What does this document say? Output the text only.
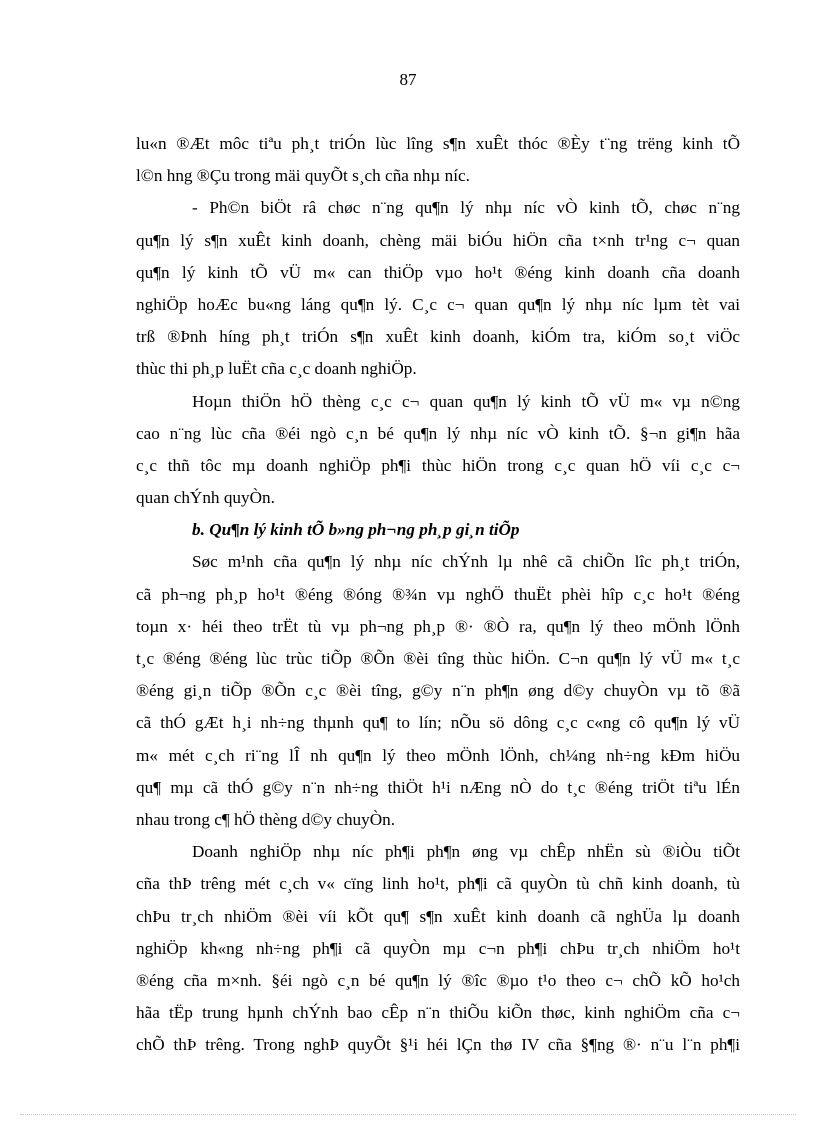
87
lu«n ®Æt môc tiªu ph¸t triÓn lùc lîng s¶n xuÊt thóc ®Èy t¨ng trëng kinh tÕ
l©n hng ®Çu trong mäi quyÕt s¸ch cña nhµ níc.
- Ph©n biÖt râ chøc n¨ng qu¶n lý nhµ níc vÒ kinh tÕ, chøc n¨ng
qu¶n lý s¶n xuÊt kinh doanh, chèng mäi biÓu hiÖn cña t×nh tr¹ng c¬ quan
qu¶n lý kinh tÕ vÜ m« can thiÖp vµo ho¹t ®éng kinh doanh cña doanh
nghiÖp hoÆc bu«ng láng qu¶n lý. C¸c c¬ quan qu¶n lý nhµ níc lµm tèt vai
trß ®Þnh híng ph¸t triÓn s¶n xuÊt kinh doanh, kiÓm tra, kiÓm so¸t viÖc
thùc thi ph¸p luËt cña c¸c doanh nghiÖp.
Hoµn thiÖn hÖ thèng c¸c c¬ quan qu¶n lý kinh tÕ vÜ m« vµ n©ng
cao n¨ng lùc cña ®éi ngò c¸n bé qu¶n lý nhµ níc vÒ kinh tÕ. §¬n gi¶n hãa
c¸c thñ tôc mµ doanh nghiÖp ph¶i thùc hiÖn trong c¸c quan hÖ víi c¸c c¬
quan chÝnh quyÒn.
b. Qu¶n lý kinh tÕ b»ng ph¬ng ph¸p gi¸n tiÕp
Søc m¹nh cña qu¶n lý nhµ níc chÝnh lµ nhê cã chiÕn lîc ph¸t triÓn,
cã ph¬ng ph¸p ho¹t ®éng ®óng ®¾n vµ nghÖ thuËt phèi hîp c¸c ho¹t ®éng
toµn x· héi theo trËt tù vµ ph¬ng ph¸p ®· ®Ò ra, qu¶n lý theo mÖnh lÖnh
t¸c ®éng ®éng lùc trùc tiÕp ®Õn ®èi tîng thùc hiÖn. C¬n qu¶n lý vÜ m« t¸c
®éng gi¸n tiÕp ®Õn c¸c ®èi tîng, g©y n¨n ph¶n øng d©y chuyÒn vµ tõ ®ã
cã thÓ gÆt h¸i nh÷ng thµnh qu¶ to lín; nÕu sö dông c¸c c«ng cô qu¶n lý vÜ
m« mét c¸ch ri¨ng lÎ nh qu¶n lý theo mÖnh lÖnh, ch¼ng nh÷ng kÐm hiÖu
qu¶ mµ cã thÓ g©y n¨n nh÷ng thiÖt h¹i nÆng nÒ do t¸c ®éng triÖt tiªu lÉn
nhau trong c¶ hÖ thèng d©y chuyÒn.
Doanh nghiÖp nhµ níc ph¶i ph¶n øng vµ chÊp nhËn sù ®iÒu tiÕt
cña thÞ trêng mét c¸ch v« cïng linh ho¹t, ph¶i cã quyÒn tù chñ kinh doanh, tù
chÞu tr¸ch nhiÖm ®èi víi kÕt qu¶ s¶n xuÊt kinh doanh cã nghÜa lµ doanh
nghiÖp kh«ng nh÷ng ph¶i cã quyÒn mµ c¬n ph¶i chÞu tr¸ch nhiÖm ho¹t
®éng cña m×nh. §éi ngò c¸n bé qu¶n lý ®îc ®µo t¹o theo c¬ chÕ kÕ ho¹ch
hãa tËp trung hµnh chÝnh bao cÊp n¨n thiÕu kiÕn thøc, kinh nghiÖm cña c¬
chÕ thÞ trêng. Trong nghÞ quyÕt §¹i héi lÇn thø IV cña §¶ng ®· n¨u l¨n ph¶i
